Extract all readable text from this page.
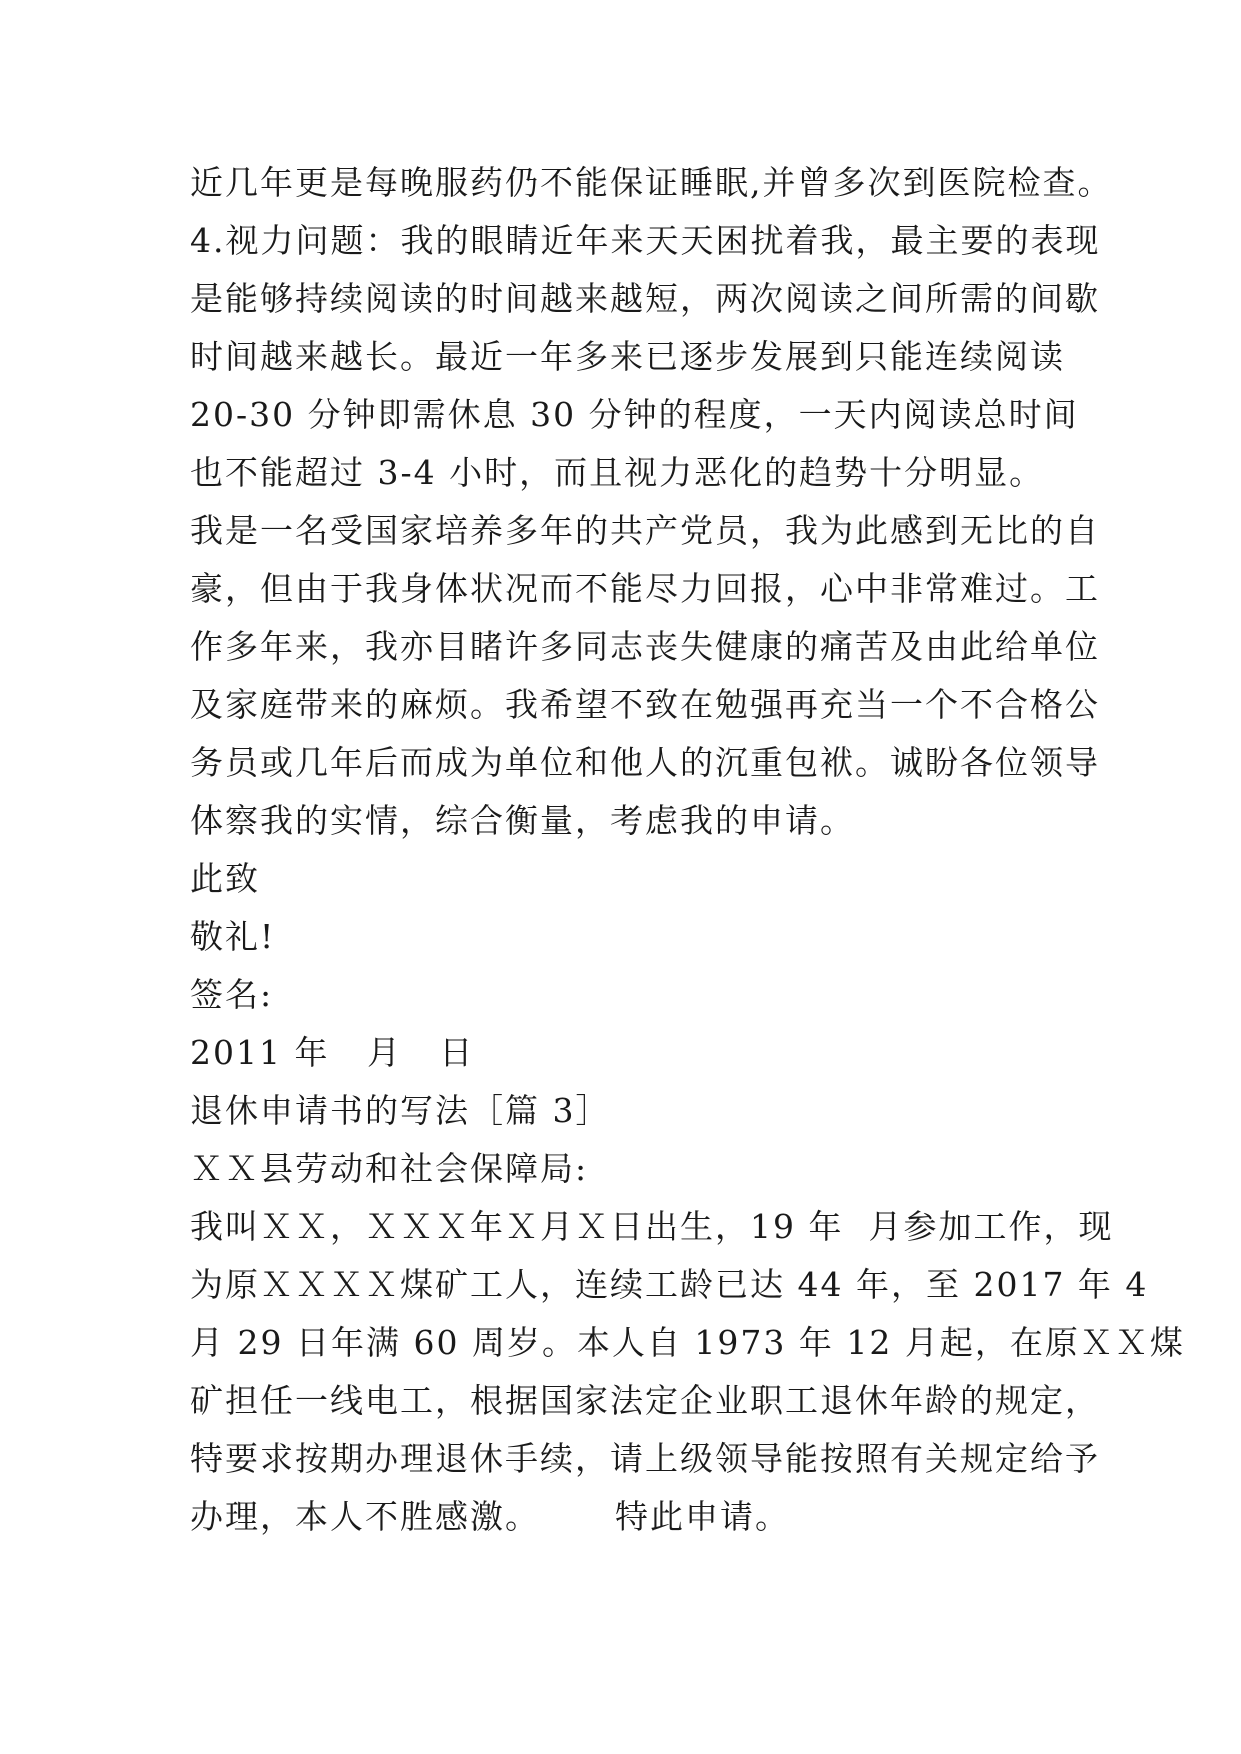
近几年更是每晚服药仍不能保证睡眠,并曾多次到医院检查。
4.视力问题：我的眼睛近年来天天困扰着我，最主要的表现
是能够持续阅读的时间越来越短，两次阅读之间所需的间歇
时间越来越长。最近一年多来已逐步发展到只能连续阅读
20-30 分钟即需休息 30 分钟的程度，一天内阅读总时间
也不能超过 3-4 小时，而且视力恶化的趋势十分明显。
我是一名受国家培养多年的共产党员，我为此感到无比的自
豪，但由于我身体状况而不能尽力回报，心中非常难过。工
作多年来，我亦目睹许多同志丧失健康的痛苦及由此给单位
及家庭带来的麻烦。我希望不致在勉强再充当一个不合格公
务员或几年后而成为单位和他人的沉重包袱。诚盼各位领导
体察我的实情，综合衡量，考虑我的申请。
此致
敬礼!
签名:
2011 年   月   日
退休申请书的写法［篇 3］
ＸＸ县劳动和社会保障局:
我叫ＸＸ，ＸＸＸ年Ｘ月Ｘ日出生，19 年  月参加工作，现
为原ＸＸＸＸ煤矿工人，连续工龄已达 44 年，至 2017 年 4
月 29 日年满 60 周岁。本人自 1973 年 12 月起，在原ＸＸ煤
矿担任一线电工，根据国家法定企业职工退休年龄的规定，
特要求按期办理退休手续，请上级领导能按照有关规定给予
办理，本人不胜感激。      特此申请。
